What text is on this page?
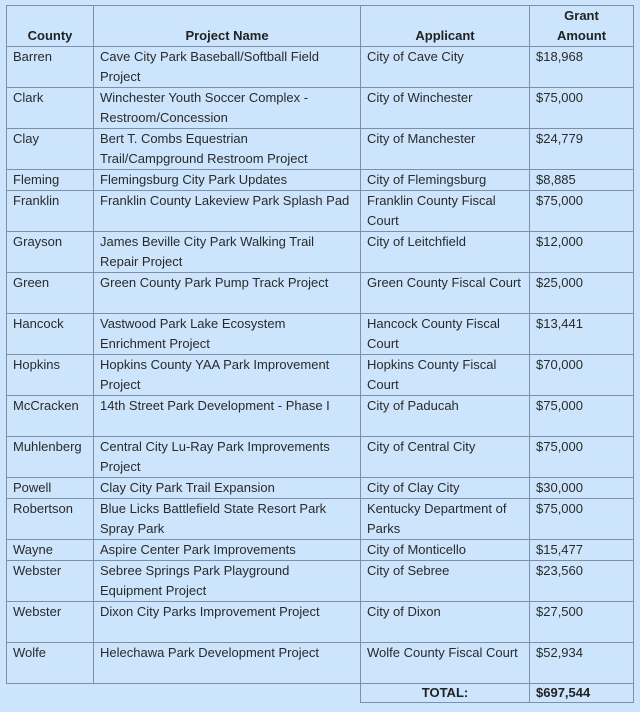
County	Project Name	Applicant	Grant
Amount
Barren	Cave City Park Baseball/Softball Field Project	City of Cave City	$18,968
Clark	Winchester Youth Soccer Complex - Restroom/Concession	City of Winchester	$75,000
Clay	Bert T. Combs Equestrian Trail/Campground Restroom Project	City of Manchester	$24,779
Fleming	Flemingsburg City Park Updates	City of Flemingsburg	$8,885
Franklin	Franklin County Lakeview Park Splash Pad	Franklin County Fiscal Court	$75,000
Grayson	James Beville City Park Walking Trail Repair Project	City of Leitchfield	$12,000
Green	Green County Park Pump Track Project	Green County Fiscal Court	$25,000
Hancock	Vastwood Park Lake Ecosystem Enrichment Project	Hancock County Fiscal Court	$13,441
Hopkins	Hopkins County YAA Park Improvement Project	Hopkins County Fiscal Court	$70,000
McCracken	14th Street Park Development - Phase I	City of Paducah	$75,000
Muhlenberg	Central City Lu-Ray Park Improvements Project	City of Central City	$75,000
Powell	Clay City Park Trail Expansion	City of Clay City	$30,000
Robertson	Blue Licks Battlefield State Resort Park Spray Park	Kentucky Department of Parks	$75,000
Wayne	Aspire Center Park Improvements	City of Monticello	$15,477
Webster	Sebree Springs Park Playground Equipment Project	City of Sebree	$23,560
Webster	Dixon City Parks Improvement Project	City of Dixon	$27,500
Wolfe	Helechawa Park Development Project	Wolfe County Fiscal Court	$52,934
		TOTAL:	$697,544
